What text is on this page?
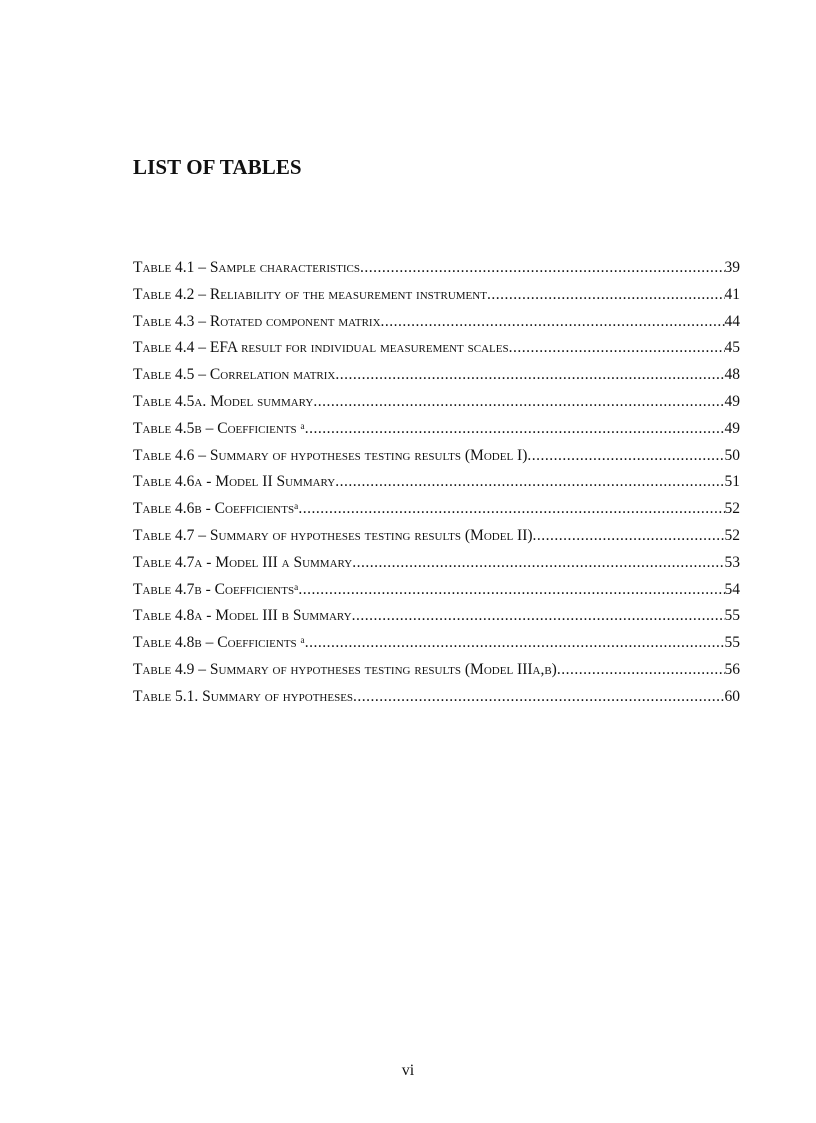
LIST OF TABLES
Table 4.1 – Sample characteristics .....	39
Table 4.2 – Reliability of the measurement instrument .....	41
Table 4.3 – Rotated component matrix .....	44
Table 4.4 – EFA result for individual measurement scales .....	45
Table 4.5 – Correlation matrix .....	48
Table 4.5a. Model summary .....	49
Table 4.5b – Coefficients ᵃ .....	49
Table 4.6 – Summary of hypotheses testing results (Model I) .....	50
Table 4.6a - Model II Summary .....	51
Table 4.6b - Coefficientsᵃ .....	52
Table 4.7 – Summary of hypotheses testing results (Model II) .....	52
Table 4.7a - Model III a Summary .....	53
Table 4.7b - Coefficientsᵃ .....	54
Table 4.8a - Model III b Summary .....	55
Table 4.8b – Coefficients ᵃ .....	55
Table 4.9 – Summary of hypotheses testing results (Model IIIa,b) .....	56
Table 5.1. Summary of hypotheses .....	60

vi
